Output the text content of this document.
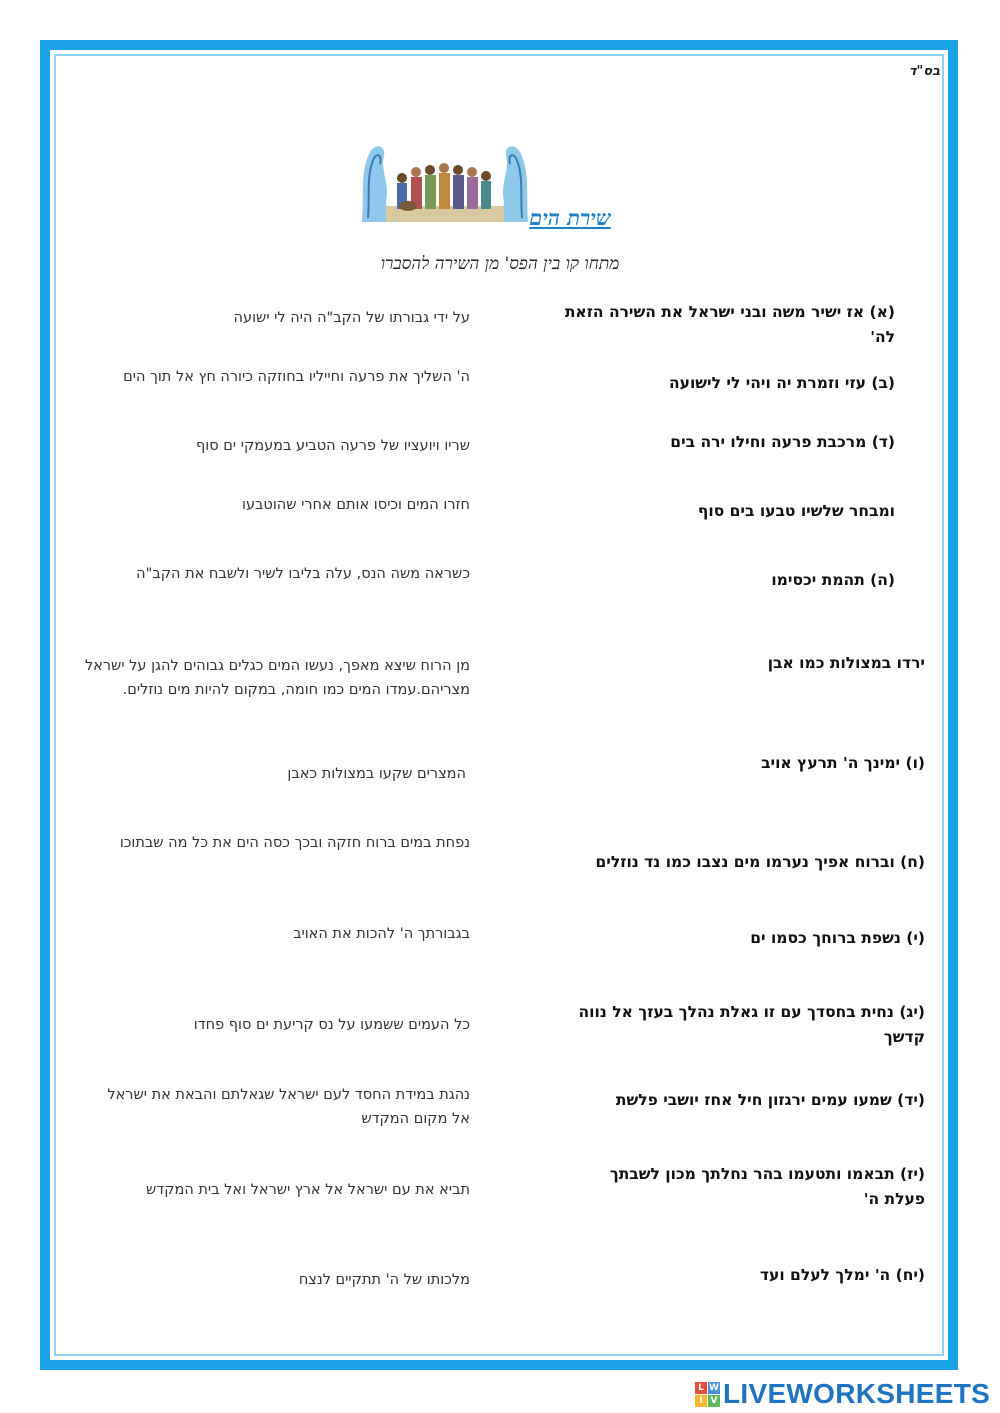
בס"ד
שירת הים
מתחו קו בין הפס' מן השירה להסברו
(א) אז ישיר משה ובני ישראל את השירה הזאת לה'
(ב) עזי וזמרת יה ויהי לי לישועה
(ד) מרכבת פרעה וחילו ירה בים
ומבחר שלשיו טבעו בים סוף
(ה) תהמת יכסימו
ירדו במצולות כמו אבן
(ו) ימינך ה' תרעץ אויב
(ח) וברוח אפיך נערמו מים נצבו כמו נד נוזלים
(י) נשפת ברוחך כסמו ים
(יג) נחית בחסדך עם זו גאלת נהלך בעזך אל נווה קדשך
(יד) שמעו עמים ירגזון חיל אחז יושבי פלשת
(יז) תבאמו ותטעמו בהר נחלתך מכון לשבתך פעלת ה'
(יח) ה' ימלך לעלם ועד
על ידי גבורתו של הקב"ה היה לי ישועה
ה' השליך את פרעה וחייליו בחוזקה כיורה חץ אל תוך הים
שריו ויועציו של פרעה הטביע במעמקי ים סוף
חזרו המים וכיסו אותם אחרי שהוטבעו
כשראה משה הנס, עלה בליבו לשיר ולשבח את הקב"ה
מן הרוח שיצא מאפך, נעשו המים כגלים גבוהים להגן על ישראל מצריהם.עמדו המים כמו חומה, במקום להיות מים נוזלים.
המצרים שקעו במצולות כאבן
נפחת במים ברוח חזקה ובכך כסה הים את כל מה שבתוכו
בגבורתך ה' להכות את האויב
כל העמים ששמעו על נס קריעת ים סוף פחדו
נהגת במידת החסד לעם ישראל שגאלתם והבאת את ישראל אל מקום המקדש
תביא את עם ישראל אל ארץ ישראל ואל בית המקדש
מלכותו של ה' תתקיים לנצח
L W
I V LIVEWORKSHEETS
